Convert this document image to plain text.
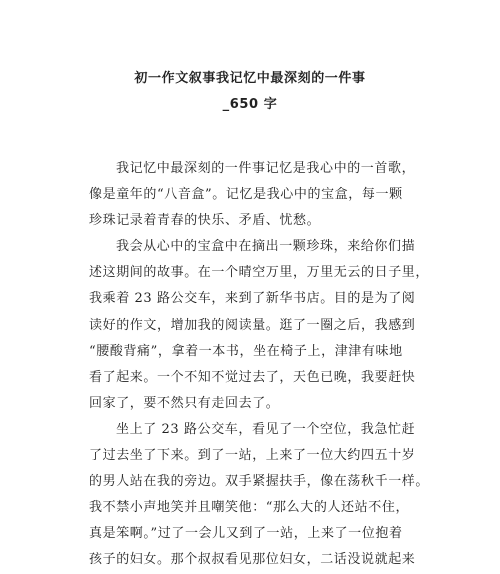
初一作文叙事我记忆中最深刻的一件事
_650 字
我记忆中最深刻的一件事记忆是我心中的一首歌，
像是童年的“八音盒”。记忆是我心中的宝盒，每一颗
珍珠记录着青春的快乐、矛盾、忧愁。
我会从心中的宝盒中在摘出一颗珍珠，来给你们描
述这期间的故事。在一个晴空万里，万里无云的日子里，
我乘着 23 路公交车，来到了新华书店。目的是为了阅
读好的作文，增加我的阅读量。逛了一圈之后，我感到
“腰酸背痛”，拿着一本书，坐在椅子上，津津有味地
看了起来。一个不知不觉过去了，天色已晚，我要赶快
回家了，要不然只有走回去了。
坐上了 23 路公交车，看见了一个空位，我急忙赶
了过去坐了下来。到了一站，上来了一位大约四五十岁
的男人站在我的旁边。双手紧握扶手，像在荡秋千一样。
我不禁小声地笑并且嘲笑他：“那么大的人还站不住，
真是笨啊。”过了一会儿又到了一站，上来了一位抱着
孩子的妇女。那个叔叔看见那位妇女，二话没说就起来
